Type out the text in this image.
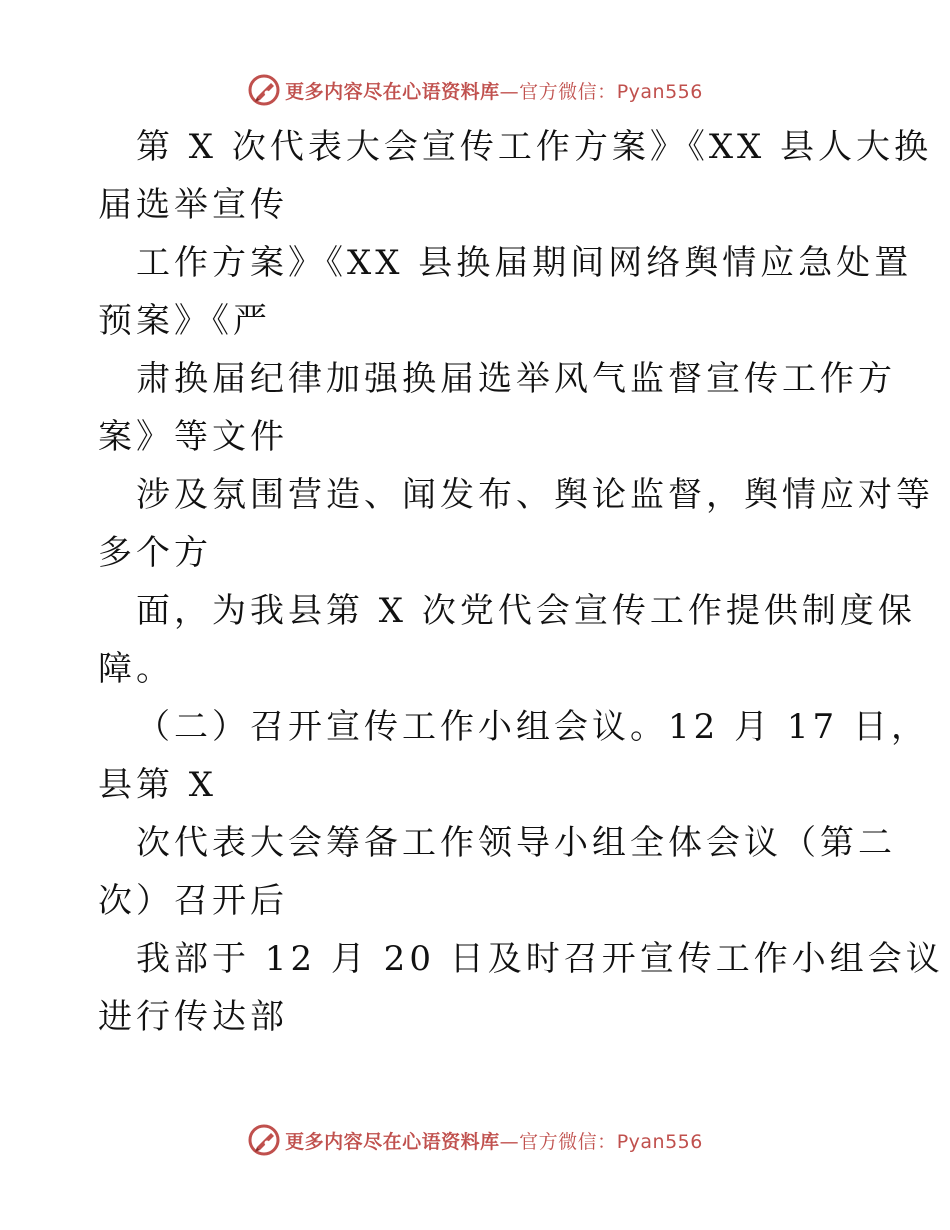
更多内容尽在心语资料库—官方微信：Pyan556
第 X 次代表大会宣传工作方案》《XX 县人大换
届选举宣传
工作方案》《XX 县换届期间网络舆情应急处置
预案》《严
肃换届纪律加强换届选举风气监督宣传工作方
案》等文件
涉及氛围营造、闻发布、舆论监督，舆情应对等
多个方
面，为我县第 X 次党代会宣传工作提供制度保
障。
（二）召开宣传工作小组会议。12 月 17 日，
县第 X
次代表大会筹备工作领导小组全体会议（第二
次）召开后
我部于 12 月 20 日及时召开宣传工作小组会议
进行传达部
更多内容尽在心语资料库—官方微信：Pyan556
